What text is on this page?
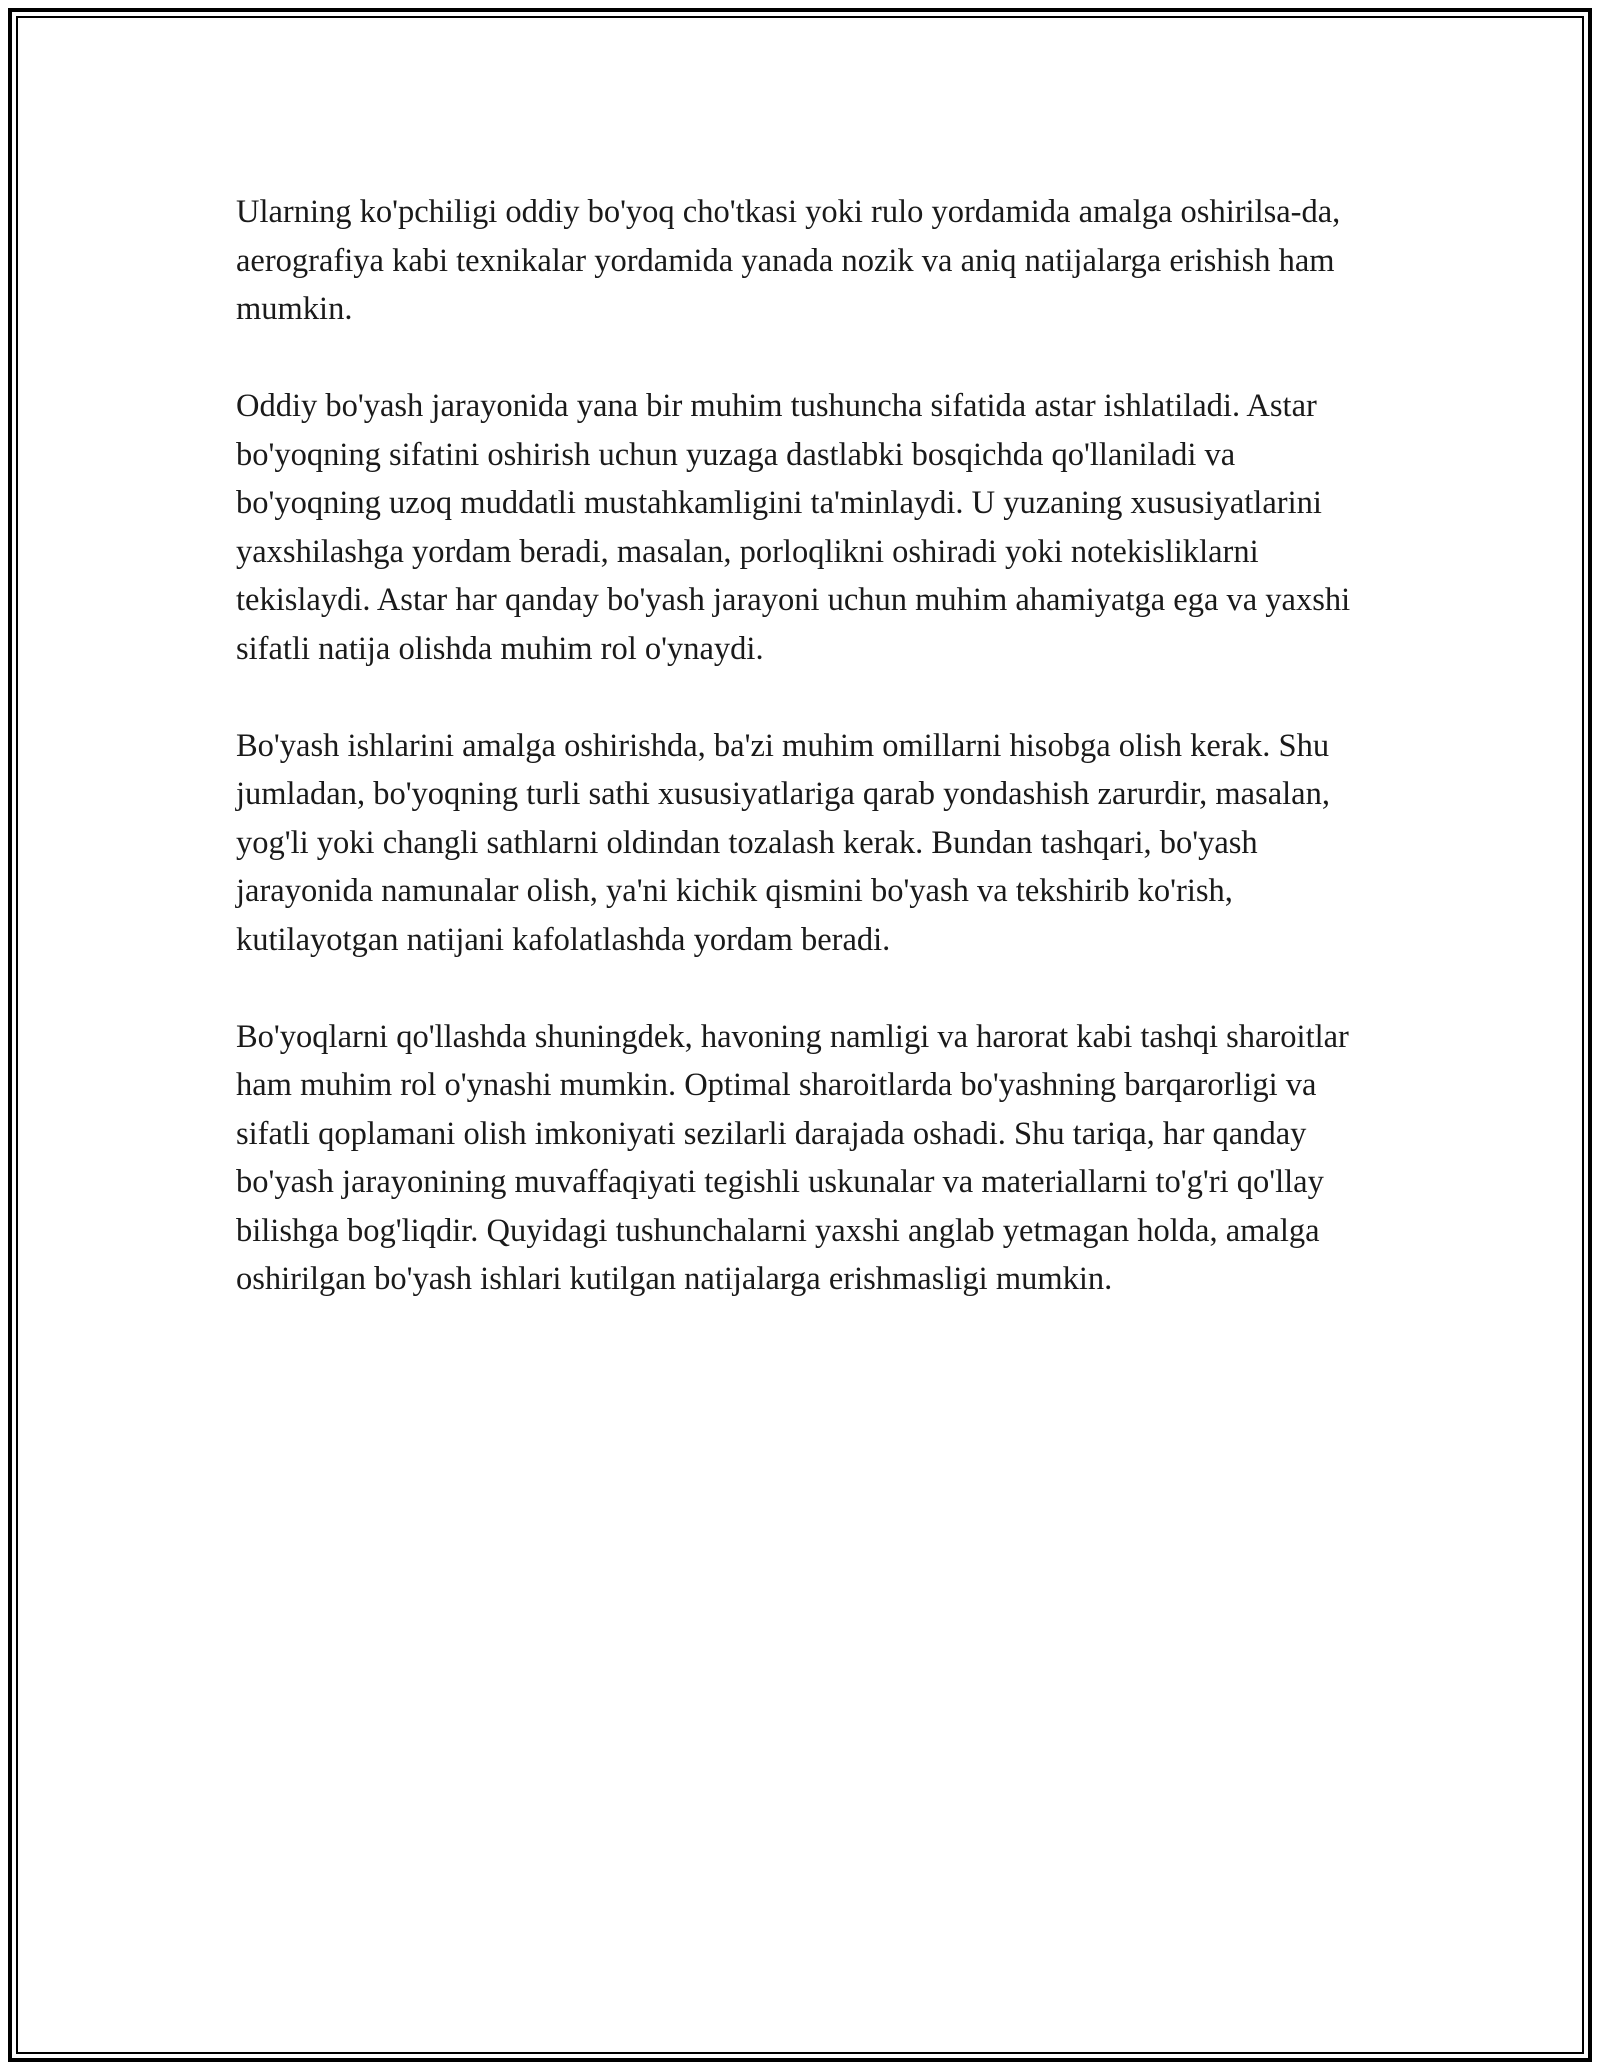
Ularning ko'pchiligi oddiy bo'yoq cho'tkasi yoki rulo yordamida amalga oshirilsa-da, aerografiya kabi texnikalar yordamida yanada nozik va aniq natijalarga erishish ham mumkin.

Oddiy bo'yash jarayonida yana bir muhim tushuncha sifatida astar ishlatiladi. Astar bo'yoqning sifatini oshirish uchun yuzaga dastlabki bosqichda qo'llaniladi va bo'yoqning uzoq muddatli mustahkamligini ta'minlaydi. U yuzaning xususiyatlarini yaxshilashga yordam beradi, masalan, porloqlikni oshiradi yoki notekisliklarni tekislaydi. Astar har qanday bo'yash jarayoni uchun muhim ahamiyatga ega va yaxshi sifatli natija olishda muhim rol o'ynaydi.

Bo'yash ishlarini amalga oshirishda, ba'zi muhim omillarni hisobga olish kerak. Shu jumladan, bo'yoqning turli sathi xususiyatlariga qarab yondashish zarurdir, masalan, yog'li yoki changli sathlarni oldindan tozalash kerak. Bundan tashqari, bo'yash jarayonida namunalar olish, ya'ni kichik qismini bo'yash va tekshirib ko'rish, kutilayotgan natijani kafolatlashda yordam beradi.

Bo'yoqlarni qo'llashda shuningdek, havoning namligi va harorat kabi tashqi sharoitlar ham muhim rol o'ynashi mumkin. Optimal sharoitlarda bo'yashning barqarorligi va sifatli qoplamani olish imkoniyati sezilarli darajada oshadi. Shu tariqa, har qanday bo'yash jarayonining muvaffaqiyati tegishli uskunalar va materiallarni to'g'ri qo'llay bilishga bog'liqdir. Quyidagi tushunchalarni yaxshi anglab yetmagan holda, amalga oshirilgan bo'yash ishlari kutilgan natijalarga erishmasligi mumkin.
